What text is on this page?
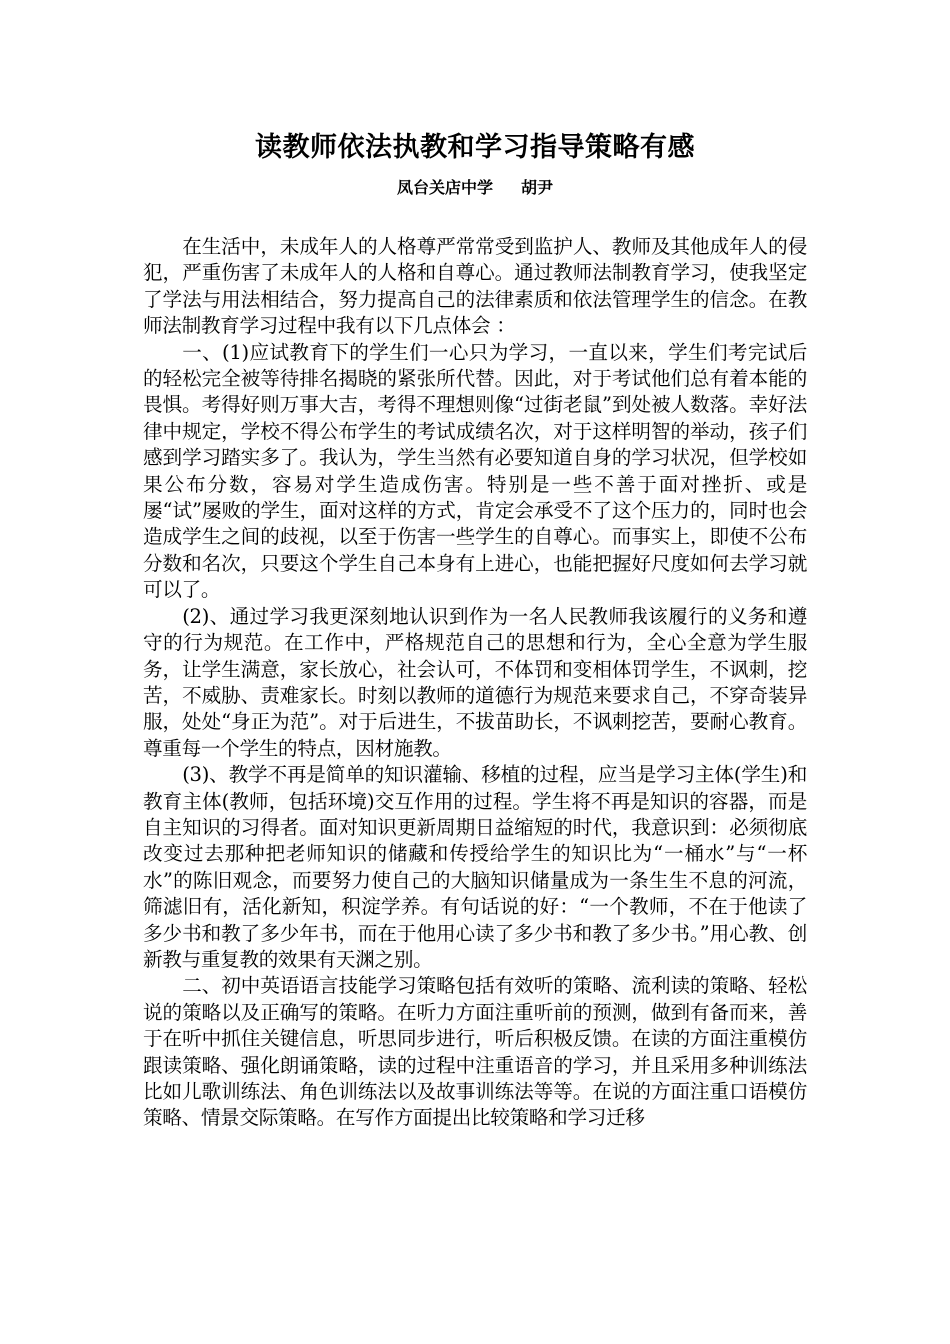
读教师依法执教和学习指导策略有感
凤台关店中学 胡尹

在生活中，未成年人的人格尊严常常受到监护人、教师及其他成年人的侵犯，严重伤害了未成年人的人格和自尊心。通过教师法制教育学习，使我坚定了学法与用法相结合，努力提高自己的法律素质和依法管理学生的信念。在教师法制教育学习过程中我有以下几点体会 ：

一、(1)应试教育下的学生们一心只为学习，一直以来，学生们考完试后的轻松完全被等待排名揭晓的紧张所代替。因此，对于考试他们总有着本能的畏惧。考得好则万事大吉，考得不理想则像“过街老鼠”到处被人数落。幸好法律中规定，学校不得公布学生的考试成绩名次，对于这样明智的举动，孩子们感到学习踏实多了。我认为，学生当然有必要知道自身的学习状况，但学校如果公布分数，容易对学生造成伤害。特别是一些不善于面对挫折、或是屡“试”屡败的学生，面对这样的方式，肯定会承受不了这个压力的，同时也会造成学生之间的歧视，以至于伤害一些学生的自尊心。而事实上，即使不公布分数和名次，只要这个学生自己本身有上进心，也能把握好尺度如何去学习就可以了。

(2)、通过学习我更深刻地认识到作为一名人民教师我该履行的义务和遵守的行为规范。在工作中，严格规范自己的思想和行为，全心全意为学生服务，让学生满意，家长放心，社会认可，不体罚和变相体罚学生，不讽刺，挖苦，不威胁、责难家长。时刻以教师的道德行为规范来要求自己，不穿奇装异服，处处“身正为范”。对于后进生，不拔苗助长，不讽刺挖苦，要耐心教育。尊重每一个学生的特点，因材施教。

(3)、教学不再是简单的知识灌输、移植的过程，应当是学习主体(学生)和教育主体(教师，包括环境)交互作用的过程。学生将不再是知识的容器，而是自主知识的习得者。面对知识更新周期日益缩短的时代，我意识到：必须彻底改变过去那种把老师知识的储藏和传授给学生的知识比为“一桶水”与“一杯水”的陈旧观念，而要努力使自己的大脑知识储量成为一条生生不息的河流，筛滤旧有，活化新知，积淀学养。有句话说的好：“一个教师，不在于他读了多少书和教了多少年书，而在于他用心读了多少书和教了多少书。”用心教、创新教与重复教的效果有天渊之别。

二、初中英语语言技能学习策略包括有效听的策略、流利读的策略、轻松说的策略以及正确写的策略。在听力方面注重听前的预测，做到有备而来，善于在听中抓住关键信息，听思同步进行，听后积极反馈。在读的方面注重模仿跟读策略、强化朗诵策略，读的过程中注重语音的学习，并且采用多种训练法比如儿歌训练法、角色训练法以及故事训练法等等。在说的方面注重口语模仿策略、情景交际策略。在写作方面提出比较策略和学习迁移
